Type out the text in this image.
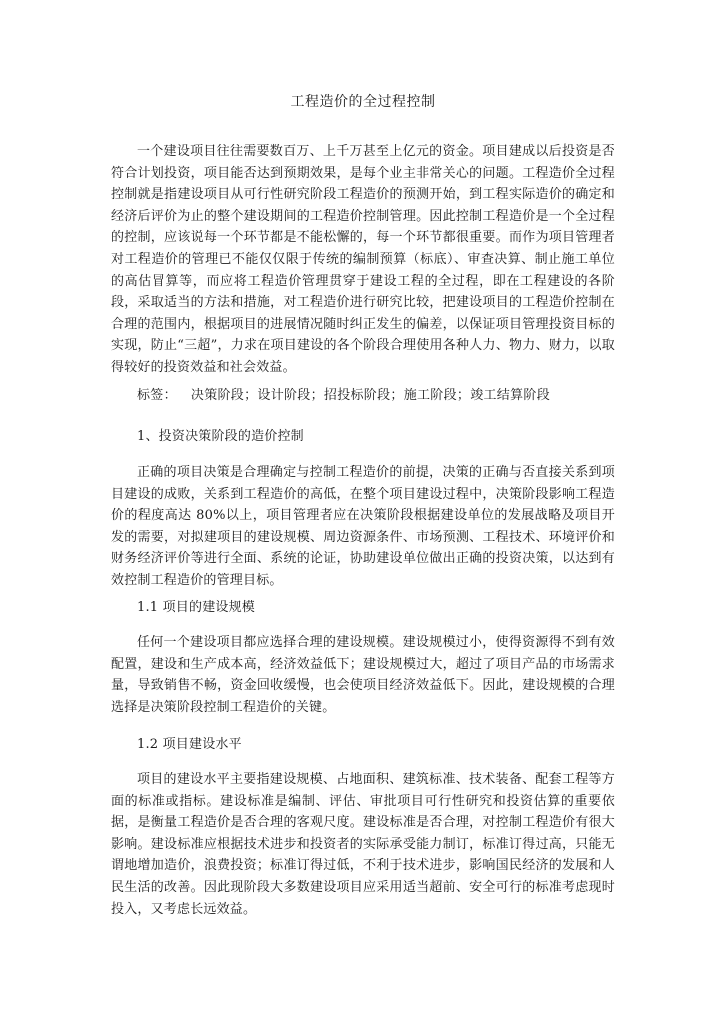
工程造价的全过程控制

一个建设项目往往需要数百万、上千万甚至上亿元的资金。项目建成以后投资是否符合计划投资，项目能否达到预期效果，是每个业主非常关心的问题。工程造价全过程控制就是指建设项目从可行性研究阶段工程造价的预测开始，到工程实际造价的确定和经济后评价为止的整个建设期间的工程造价控制管理。因此控制工程造价是一个全过程的控制，应该说每一个环节都是不能松懈的，每一个环节都很重要。而作为项目管理者对工程造价的管理已不能仅仅限于传统的编制预算（标底）、审查决算、制止施工单位的高估冒算等，而应将工程造价管理贯穿于建设工程的全过程，即在工程建设的各阶段，采取适当的方法和措施，对工程造价进行研究比较，把建设项目的工程造价控制在合理的范围内，根据项目的进展情况随时纠正发生的偏差，以保证项目管理投资目标的实现，防止“三超”，力求在项目建设的各个阶段合理使用各种人力、物力、财力，以取得较好的投资效益和社会效益。

标签： 决策阶段；设计阶段；招投标阶段；施工阶段；竣工结算阶段

1、投资决策阶段的造价控制

正确的项目决策是合理确定与控制工程造价的前提，决策的正确与否直接关系到项目建设的成败，关系到工程造价的高低，在整个项目建设过程中，决策阶段影响工程造价的程度高达 80%以上，项目管理者应在决策阶段根据建设单位的发展战略及项目开发的需要，对拟建项目的建设规模、周边资源条件、市场预测、工程技术、环境评价和财务经济评价等进行全面、系统的论证，协助建设单位做出正确的投资决策，以达到有效控制工程造价的管理目标。

1.1 项目的建设规模

任何一个建设项目都应选择合理的建设规模。建设规模过小，使得资源得不到有效配置，建设和生产成本高，经济效益低下；建设规模过大，超过了项目产品的市场需求量，导致销售不畅，资金回收缓慢，也会使项目经济效益低下。因此，建设规模的合理选择是决策阶段控制工程造价的关键。

1.2 项目建设水平

项目的建设水平主要指建设规模、占地面积、建筑标准、技术装备、配套工程等方面的标准或指标。建设标准是编制、评估、审批项目可行性研究和投资估算的重要依据，是衡量工程造价是否合理的客观尺度。建设标准是否合理，对控制工程造价有很大影响。建设标准应根据技术进步和投资者的实际承受能力制订，标准订得过高，只能无谓地增加造价，浪费投资；标准订得过低，不利于技术进步，影响国民经济的发展和人民生活的改善。因此现阶段大多数建设项目应采用适当超前、安全可行的标准考虑现时投入，又考虑长远效益。
